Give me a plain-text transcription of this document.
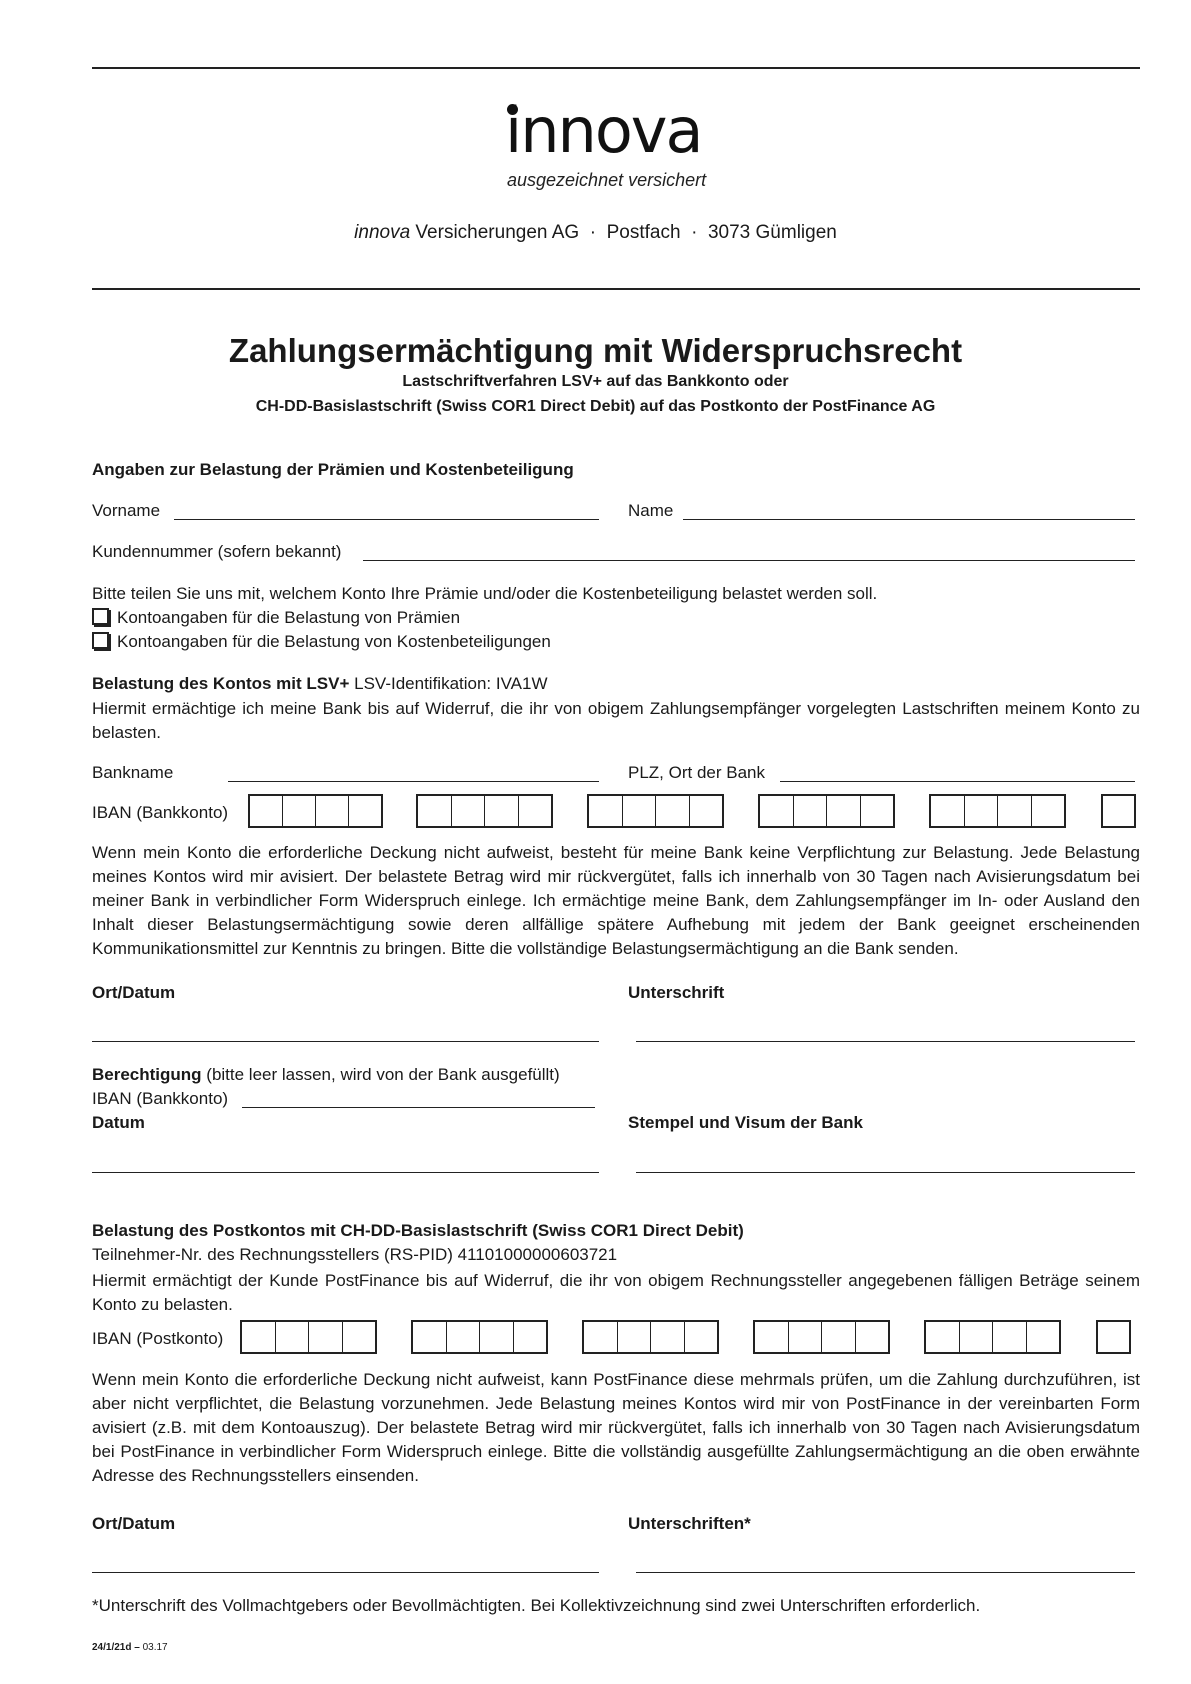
innova
ausgezeichnet versichert
innova Versicherungen AG  ·  Postfach  ·  3073 Gümligen
Zahlungsermächtigung mit Widerspruchsrecht
Lastschriftverfahren LSV+ auf das Bankkonto oder
CH-DD-Basislastschrift (Swiss COR1 Direct Debit) auf das Postkonto der PostFinance AG
Angaben zur Belastung der Prämien und Kostenbeteiligung
Vorname	Name
Kundennummer (sofern bekannt)
Bitte teilen Sie uns mit, welchem Konto Ihre Prämie und/oder die Kostenbeteiligung belastet werden soll.
Kontoangaben für die Belastung von Prämien
Kontoangaben für die Belastung von Kostenbeteiligungen
Belastung des Kontos mit LSV+ LSV-Identifikation: IVA1W
Hiermit ermächtige ich meine Bank bis auf Widerruf, die ihr von obigem Zahlungsempfänger vorgelegten Lastschriften meinem Konto zu belasten.
Bankname	PLZ, Ort der Bank
IBAN (Bankkonto)
Wenn mein Konto die erforderliche Deckung nicht aufweist, besteht für meine Bank keine Verpflichtung zur Belastung. Jede Belastung meines Kontos wird mir avisiert. Der belastete Betrag wird mir rückvergütet, falls ich innerhalb von 30 Tagen nach Avisierungsdatum bei meiner Bank in verbindlicher Form Widerspruch einlege. Ich ermächtige meine Bank, dem Zahlungsempfänger im In- oder Ausland den Inhalt dieser Belastungsermächtigung sowie deren allfällige spätere Aufhebung mit jedem der Bank geeignet erscheinenden Kommunikationsmittel zur Kenntnis zu bringen. Bitte die vollständige Belastungsermächtigung an die Bank senden.
Ort/Datum	Unterschrift
Berechtigung (bitte leer lassen, wird von der Bank ausgefüllt)
IBAN (Bankkonto)
Datum	Stempel und Visum der Bank
Belastung des Postkontos mit CH-DD-Basislastschrift (Swiss COR1 Direct Debit)
Teilnehmer-Nr. des Rechnungsstellers (RS-PID) 41101000000603721
Hiermit ermächtigt der Kunde PostFinance bis auf Widerruf, die ihr von obigem Rechnungssteller angegebenen fälligen Beträge seinem Konto zu belasten.
IBAN (Postkonto)
Wenn mein Konto die erforderliche Deckung nicht aufweist, kann PostFinance diese mehrmals prüfen, um die Zahlung durchzuführen, ist aber nicht verpflichtet, die Belastung vorzunehmen. Jede Belastung meines Kontos wird mir von PostFinance in der vereinbarten Form avisiert (z.B. mit dem Kontoauszug). Der belastete Betrag wird mir rückvergütet, falls ich innerhalb von 30 Tagen nach Avisierungsdatum bei PostFinance in verbindlicher Form Widerspruch einlege. Bitte die vollständig ausgefüllte Zahlungsermächtigung an die oben erwähnte Adresse des Rechnungsstellers einsenden.
Ort/Datum	Unterschriften*
*Unterschrift des Vollmachtgebers oder Bevollmächtigten. Bei Kollektivzeichnung sind zwei Unterschriften erforderlich.
24/1/21d – 03.17
